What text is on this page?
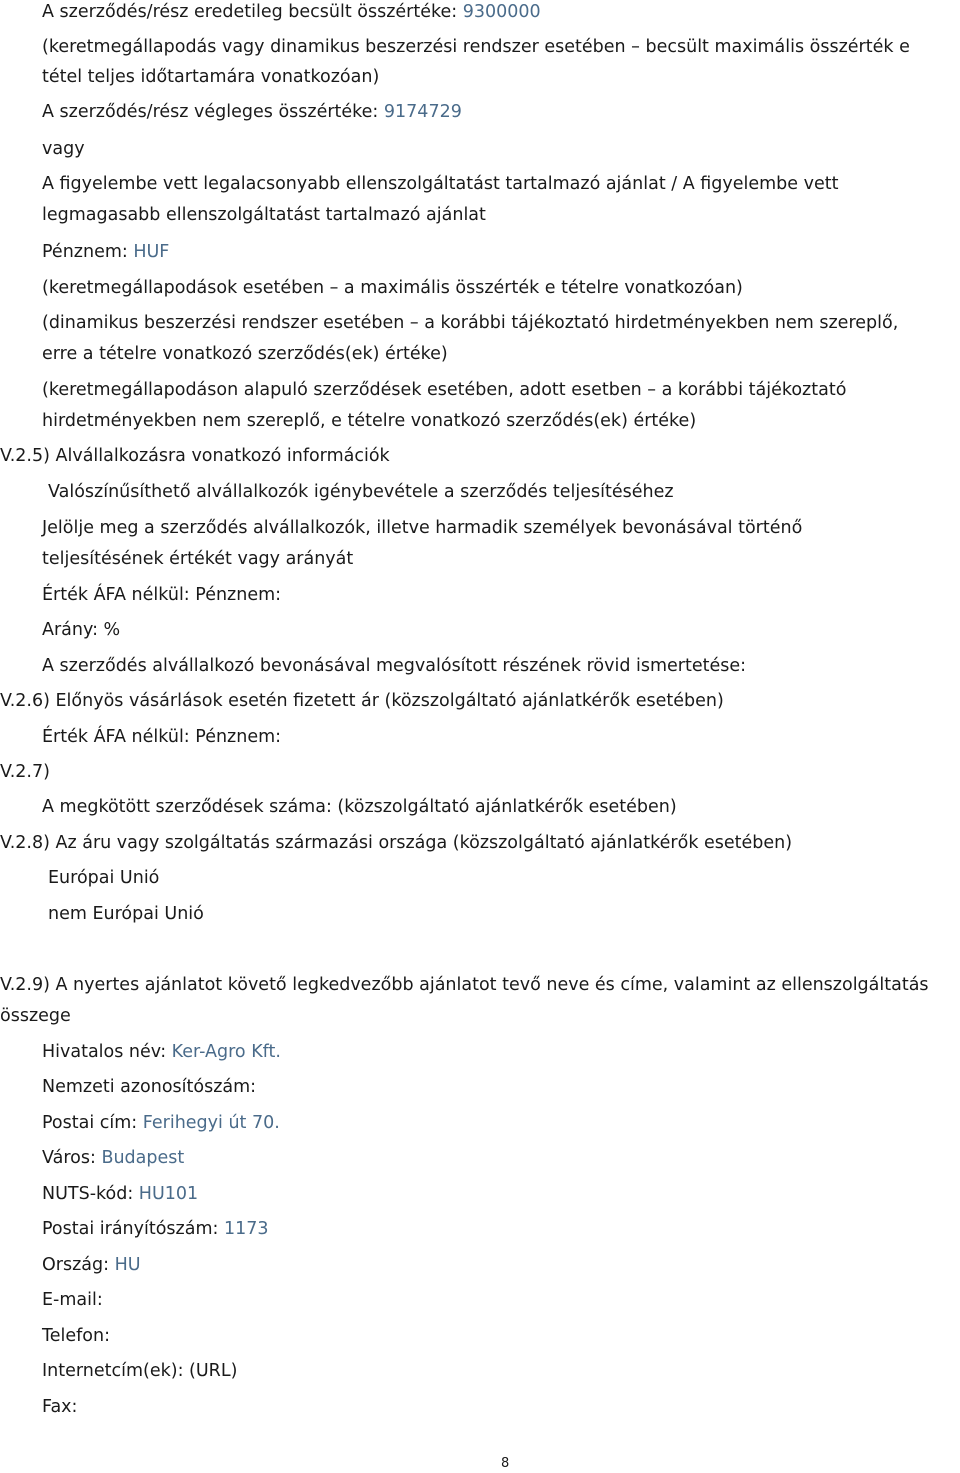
A szerződés/rész eredetileg becsült összértéke: 9300000
(keretmegállapodás vagy dinamikus beszerzési rendszer esetében – becsült maximális összérték e
tétel teljes időtartamára vonatkozóan)
A szerződés/rész végleges összértéke: 9174729
vagy
A figyelembe vett legalacsonyabb ellenszolgáltatást tartalmazó ajánlat / A figyelembe vett
legmagasabb ellenszolgáltatást tartalmazó ajánlat
Pénznem: HUF
(keretmegállapodások esetében – a maximális összérték e tételre vonatkozóan)
(dinamikus beszerzési rendszer esetében – a korábbi tájékoztató hirdetményekben nem szereplő,
erre a tételre vonatkozó szerződés(ek) értéke)
(keretmegállapodáson alapuló szerződések esetében, adott esetben – a korábbi tájékoztató
hirdetményekben nem szereplő, e tételre vonatkozó szerződés(ek) értéke)
V.2.5) Alvállalkozásra vonatkozó információk
Valószínűsíthető alvállalkozók igénybevétele a szerződés teljesítéséhez
Jelölje meg a szerződés alvállalkozók, illetve harmadik személyek bevonásával történő
teljesítésének értékét vagy arányát
Érték ÁFA nélkül: Pénznem:
Arány: %
A szerződés alvállalkozó bevonásával megvalósított részének rövid ismertetése:
V.2.6) Előnyös vásárlások esetén fizetett ár (közszolgáltató ajánlatkérők esetében)
Érték ÁFA nélkül: Pénznem:
V.2.7)
A megkötött szerződések száma: (közszolgáltató ajánlatkérők esetében)
V.2.8) Az áru vagy szolgáltatás származási országa (közszolgáltató ajánlatkérők esetében)
Európai Unió
nem Európai Unió
V.2.9) A nyertes ajánlatot követő legkedvezőbb ajánlatot tevő neve és címe, valamint az ellenszolgáltatás
összege
Hivatalos név: Ker-Agro Kft.
Nemzeti azonosítószám:
Postai cím: Ferihegyi út 70.
Város: Budapest
NUTS-kód: HU101
Postai irányítószám: 1173
Ország: HU
E-mail:
Telefon:
Internetcím(ek): (URL)
Fax:
8
